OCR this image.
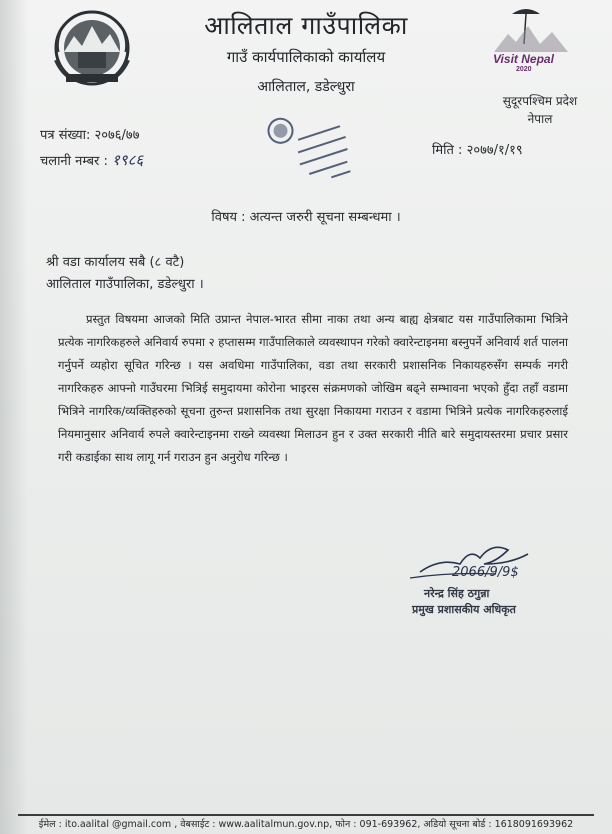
Visit Nepal
2020
आलिताल गाउँपालिका
गाउँ कार्यपालिकाको कार्यालय
आलिताल, डडेल्धुरा
सुदूरपश्चिम प्रदेश
नेपाल
पत्र संख्या: २०७६/७७
चलानी नम्बर : १९८६
मिति : २०७७/१/१९
विषय : अत्यन्त जरुरी सूचना सम्बन्धमा ।
श्री वडा कार्यालय सबै (८ वटै)
आलिताल गाउँपालिका, डडेल्धुरा ।

प्रस्तुत विषयमा आजको मिति उप्रान्त नेपाल-भारत सीमा नाका तथा अन्य बाह्य क्षेत्रबाट यस गाउँपालिकामा भित्रिने प्रत्येक नागरिकहरुले अनिवार्य रुपमा २ हप्तासम्म गाउँपालिकाले व्यवस्थापन गरेको क्वारेन्टाइनमा बस्नुपर्ने अनिवार्य शर्त पालना गर्नुपर्ने व्यहोरा सूचित गरिन्छ । यस अवधिमा गाउँपालिका, वडा तथा सरकारी प्रशासनिक निकायहरुसँग सम्पर्क नगरी नागरिकहरु आफ्नो गाउँघरमा भित्रिई समुदायमा कोरोना भाइरस संक्रमणको जोखिम बढ्ने सम्भावना भएको हुँदा तहाँ वडामा भित्रिने नागरिक/व्यक्तिहरुको सूचना तुरुन्त प्रशासनिक तथा सुरक्षा निकायमा गराउन र वडामा भित्रिने प्रत्येक नागरिकहरुलाई नियमानुसार अनिवार्य रुपले क्वारेन्टाइनमा राख्ने व्यवस्था मिलाउन हुन र उक्त सरकारी नीति बारे समुदायस्तरमा प्रचार प्रसार गरी कडाईका साथ लागू गर्न गराउन हुन अनुरोध गरिन्छ ।

2066/9/9$
नरेन्द्र सिंह ठगुन्ना
प्रमुख प्रशासकीय अधिकृत
ईमेल : ito.aalital @gmail.com , वेबसाईट : www.aalitalmun.gov.np, फोन : 091-693962, अडियो सूचना बोर्ड : 1618091693962
